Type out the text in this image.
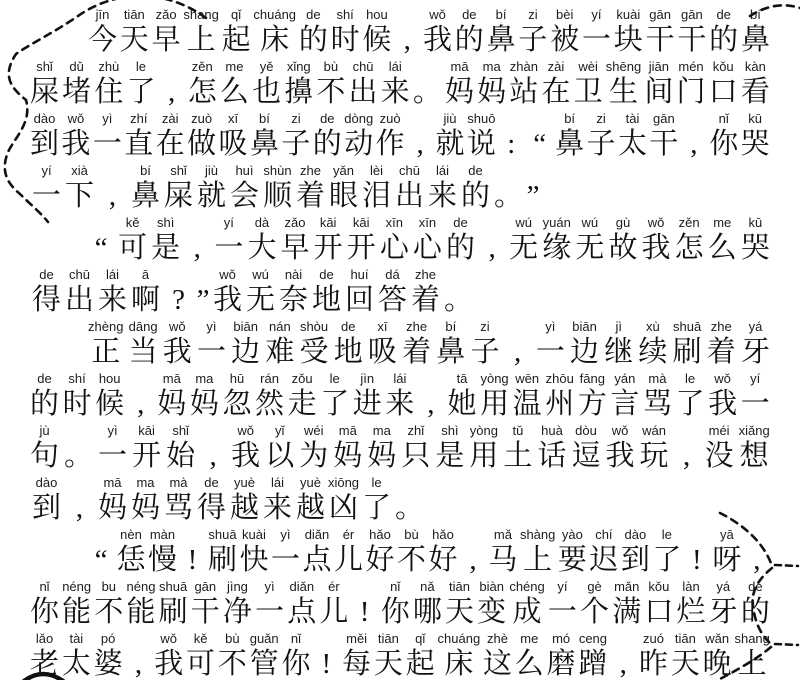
jīn
今
tiān
天
zǎo
早
shang
上
qǐ
起
chuáng
床
de
的
shí
时
hou
候 ,
wǒ
我
de
的
bí
鼻
zi
子
bèi
被
yí
一
kuài
块
gān
干
gān
干
de
的
bí
鼻
shǐ
屎
dǔ
堵
zhù
住
le
了 ,
zěn
怎
me
么
yě
也
xǐng
擤
bù
不
chū
出
lái
来 。
mā
妈
ma
妈
zhàn
站
zài
在
wèi
卫
shēng
生
jiān
间
mén
门
kǒu
口
kàn
看
dào
到
wǒ
我
yì
一
zhí
直
zài
在
zuò
做
xī
吸
bí
鼻
zi
子
de
的
dòng
动
zuò
作 ,
jiù
就
shuō
说 : “
bí
鼻
zi
子
tài
太
gān
干 ,
nǐ
你
kū
哭
yí
一
xià
下 ,
bí
鼻
shǐ
屎
jiù
就
huì
会
shùn
顺
zhe
着
yǎn
眼
lèi
泪
chū
出
lái
来
de
的 。 ”
“
kě
可
shì
是 ,
yí
一
dà
大
zǎo
早
kāi
开
kāi
开
xīn
心
xīn
心
de
的 ,
wú
无
yuán
缘
wú
无
gù
故
wǒ
我
zěn
怎
me
么
kū
哭
de
得
chū
出
lái
来
ā
啊 ? ”
wǒ
我
wú
无
nài
奈
de
地
huí
回
dá
答
zhe
着 。
zhèng
正
dāng
当
wǒ
我
yì
一
biān
边
nán
难
shòu
受
de
地
xī
吸
zhe
着
bí
鼻
zi
子 ,
yì
一
biān
边
jì
继
xù
续
shuā
刷
zhe
着
yá
牙
de
的
shí
时
hou
候 ,
mā
妈
ma
妈
hū
忽
rán
然
zǒu
走
le
了
jìn
进
lái
来 ,
tā
她
yòng
用
wēn
温
zhōu
州
fāng
方
yán
言
mà
骂
le
了
wǒ
我
yí
一
jù
句 。
yì
一
kāi
开
shǐ
始 ,
wǒ
我
yǐ
以
wéi
为
mā
妈
ma
妈
zhǐ
只
shì
是
yòng
用
tǔ
土
huà
话
dòu
逗
wǒ
我
wán
玩 ,
méi
没
xiǎng
想
dào
到 ,
mā
妈
ma
妈
mà
骂
de
得
yuè
越
lái
来
yuè
越
xiōng
凶
le
了 。
“
nèn
恁
màn
慢 !
shuā
刷
kuài
快
yì
一
diǎn
点
ér
儿
hǎo
好
bù
不
hǎo
好 ,
mǎ
马
shàng
上
yào
要
chí
迟
dào
到
le
了 !
yā
呀 ,
nǐ
你
néng
能
bu
不
néng
能
shuā
刷
gān
干
jìng
净
yì
一
diǎn
点
ér
儿 !
nǐ
你
nǎ
哪
tiān
天
biàn
变
chéng
成
yí
一
gè
个
mǎn
满
kǒu
口
làn
烂
yá
牙
de
的
lǎo
老
tài
太
pó
婆 ,
wǒ
我
kě
可
bù
不
guǎn
管
nǐ
你 !
měi
每
tiān
天
qǐ
起
chuáng
床
zhè
这
me
么
mó
磨
ceng
蹭 ,
zuó
昨
tiān
天
wǎn
晚
shang
上
